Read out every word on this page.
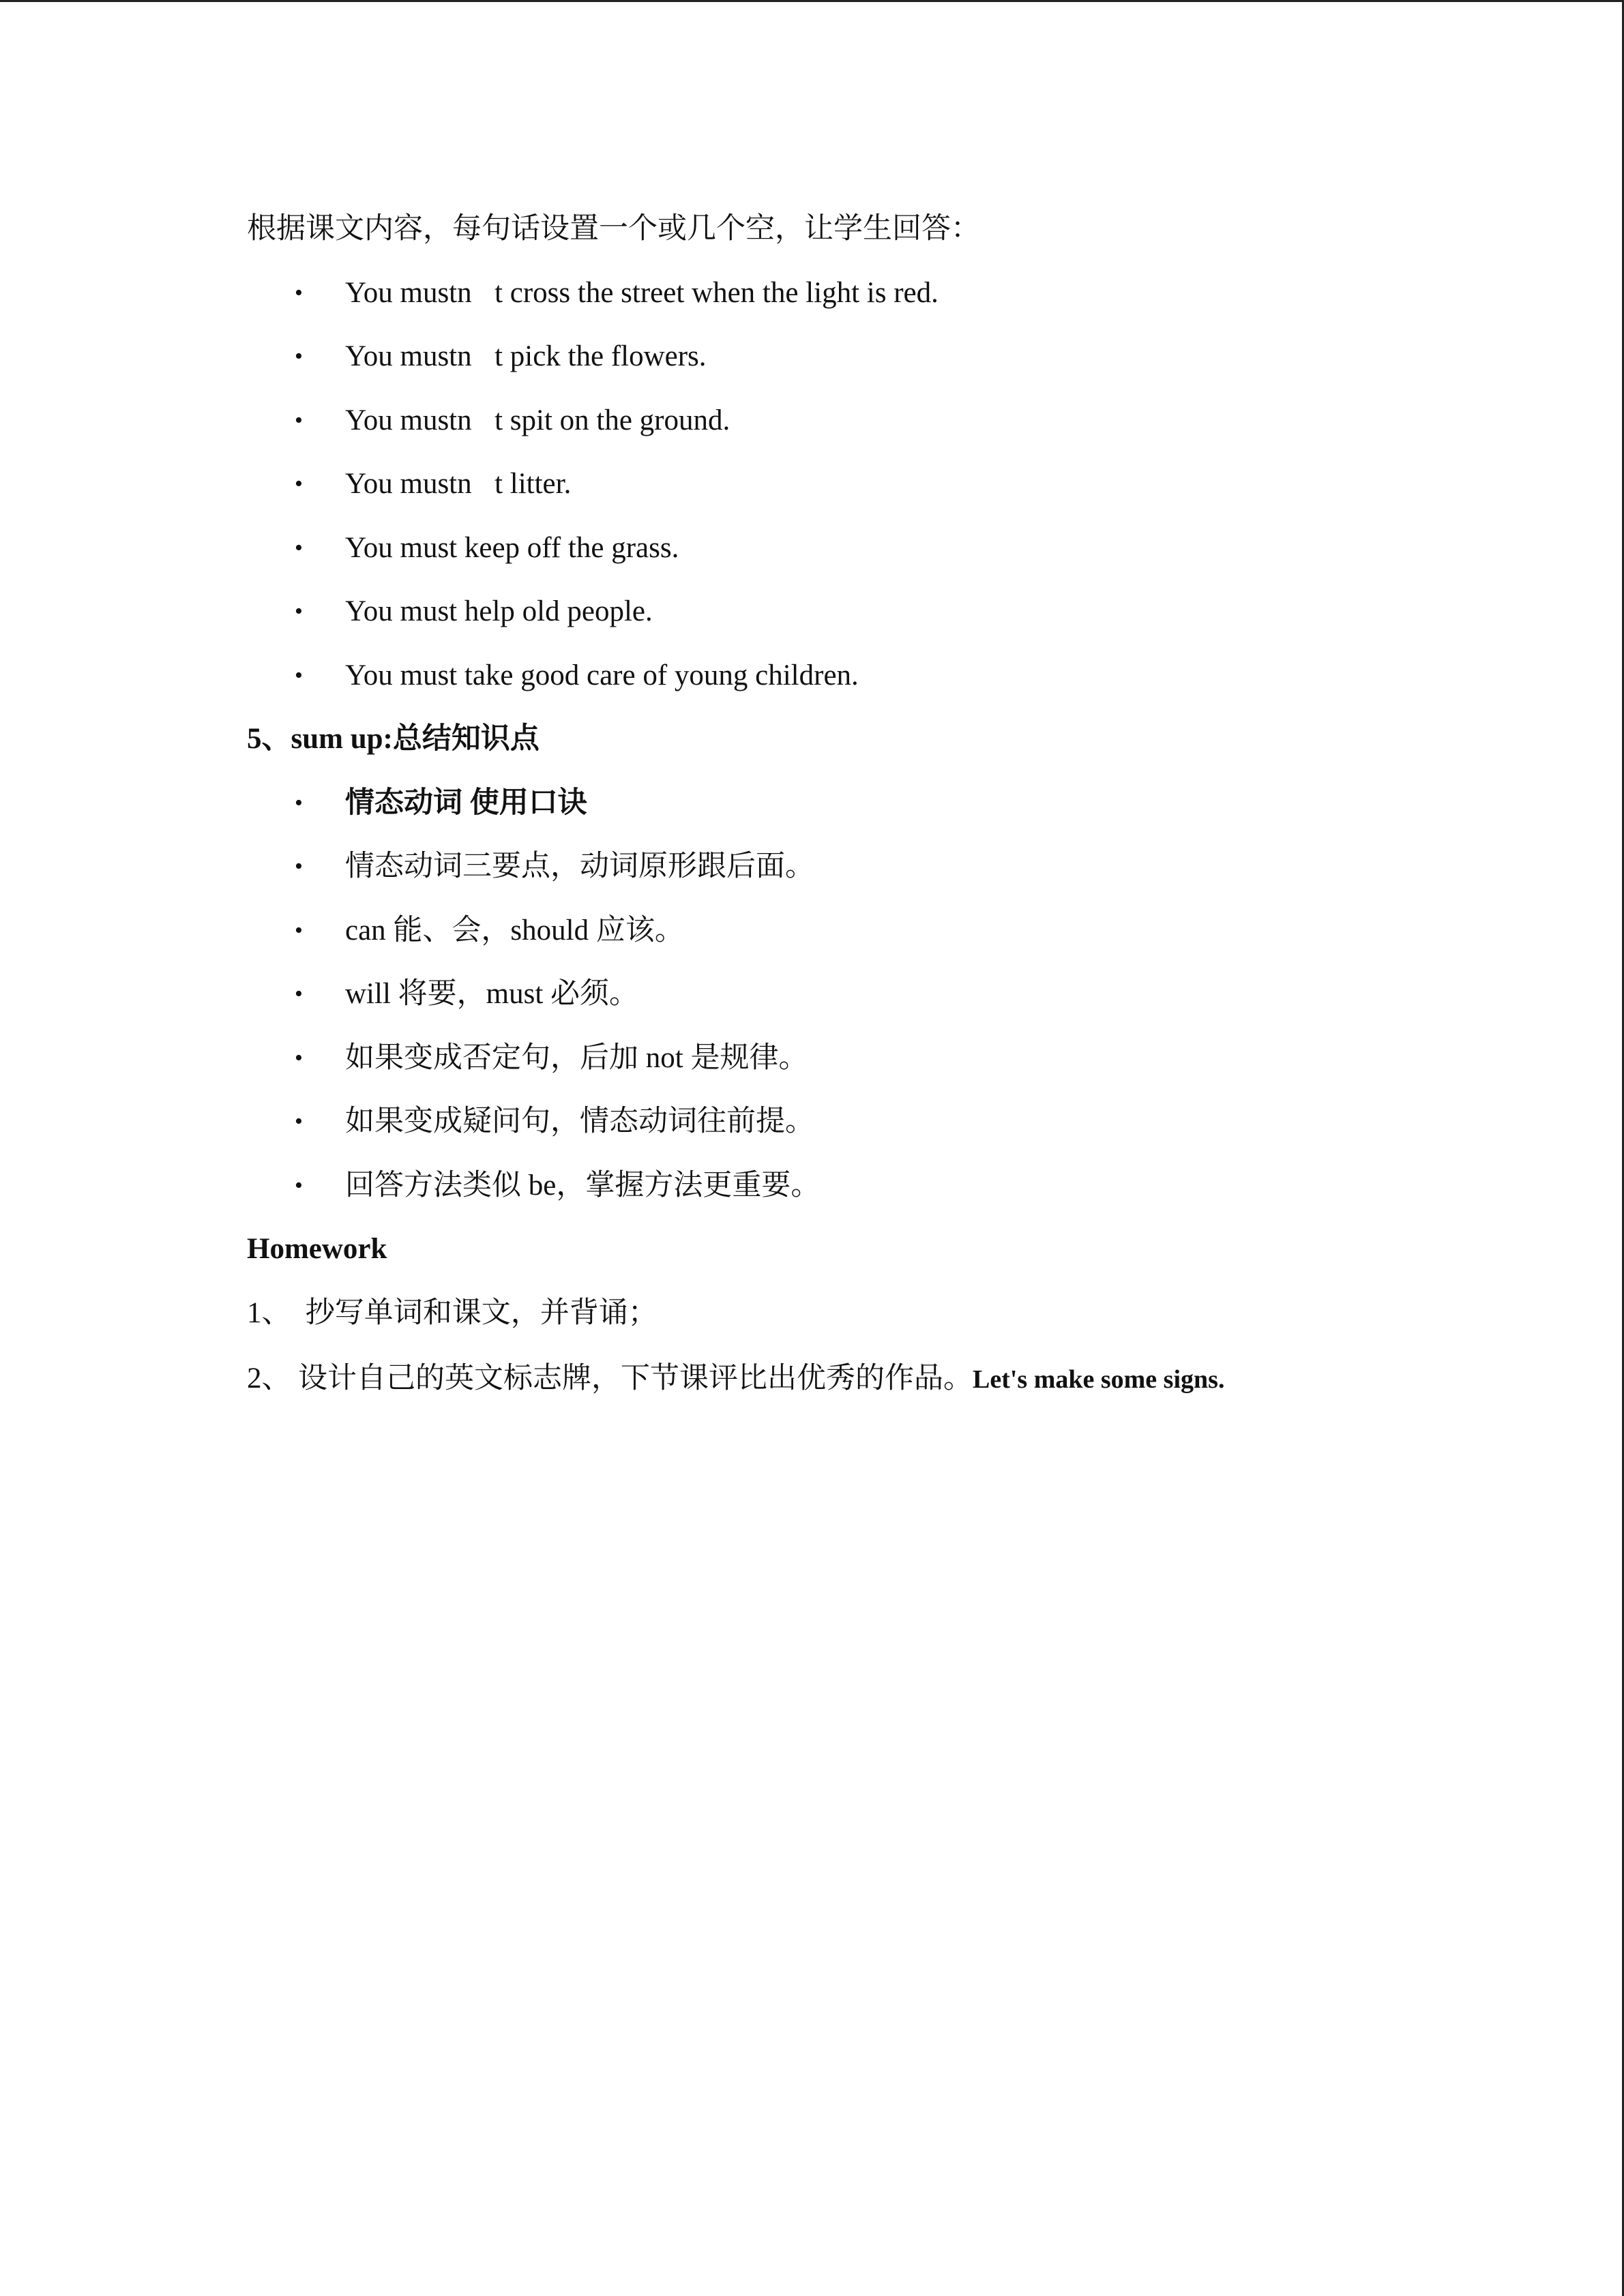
根据课文内容，每句话设置一个或几个空，让学生回答：
• You mustn t cross the street when the light is red.
• You mustn t pick the flowers.
• You mustn t spit on the ground.
• You mustn t litter.
• You must keep off the grass.
• You must help old people.
• You must take good care of young children.
5、sum up:总结知识点
• 情态动词 使用口诀
• 情态动词三要点，动词原形跟后面。
• can 能、会，should 应该。
• will 将要，must 必须。
• 如果变成否定句，后加 not 是规律。
• 如果变成疑问句，情态动词往前提。
• 回答方法类似 be，掌握方法更重要。
Homework
1、 抄写单词和课文，并背诵；
2、 设计自己的英文标志牌，下节课评比出优秀的作品。Let's make some signs.
